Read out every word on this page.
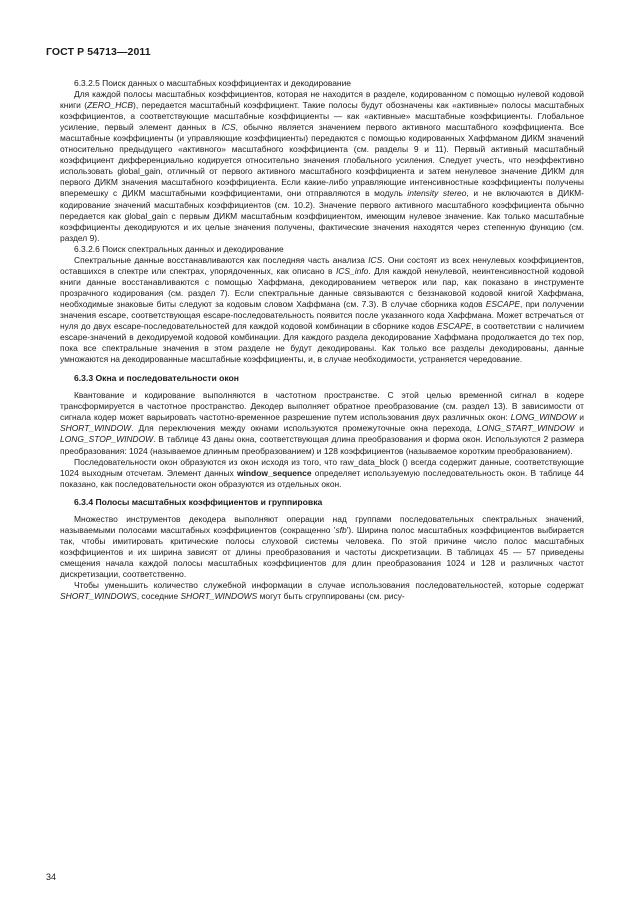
ГОСТ Р 54713—2011

6.3.2.5 Поиск данных о масштабных коэффициентах и декодирование

Для каждой полосы масштабных коэффициентов, которая не находится в разделе, кодированном с помощью нулевой кодовой книги (ZERO_HCB), передается масштабный коэффициент. Такие полосы будут обозначены как «активные» полосы масштабных коэффициентов, а соответствующие масштабные коэффициенты — как «активные» масштабные коэффициенты. Глобальное усиление, первый элемент данных в ICS, обычно является значением первого активного масштабного коэффициента. Все масштабные коэффициенты (и управляющие коэффициенты) передаются с помощью кодированных Хаффманом ДИКМ значений относительно предыдущего «активного» масштабного коэффициента (см. разделы 9 и 11). Первый активный масштабный коэффициент дифференциально кодируется относительно значения глобального усиления. Следует учесть, что неэффективно использовать global_gain, отличный от первого активного масштабного коэффициента и затем ненулевое значение ДИКМ для первого ДИКМ значения масштабного коэффициента. Если какие-либо управляющие интенсивностные коэффициенты получены вперемешку с ДИКМ масштабными коэффициентами, они отправляются в модуль intensity stereo, и не включаются в ДИКМ-кодирование значений масштабных коэффициентов (см. 10.2). Значение первого активного масштабного коэффициента обычно передается как global_gain с первым ДИКМ масштабным коэффициентом, имеющим нулевое значение. Как только масштабные коэффициенты декодируются и их целые значения получены, фактические значения находятся через степенную функцию (см. раздел 9).

6.3.2.6 Поиск спектральных данных и декодирование

Спектральные данные восстанавливаются как последняя часть анализа ICS. Они состоят из всех ненулевых коэффициентов, оставшихся в спектре или спектрах, упорядоченных, как описано в ICS_info. Для каждой ненулевой, неинтенсивностной кодовой книги данные восстанавливаются с помощью Хаффмана, декодированием четверок или пар, как показано в инструменте прозрачного кодирования (см. раздел 7). Если спектральные данные связываются с беззнаковой кодовой книгой Хаффмана, необходимые знаковые биты следуют за кодовым словом Хаффмана (см. 7.3). В случае сборника кодов ESCAPE, при получении значения escape, соответствующая escape-последовательность появится после указанного кода Хаффмана. Может встречаться от нуля до двух escape-последовательностей для каждой кодовой комбинации в сборнике кодов ESCAPE, в соответствии с наличием escape-значений в декодируемой кодовой комбинации. Для каждого раздела декодирование Хаффмана продолжается до тех пор, пока все спектральные значения в этом разделе не будут декодированы. Как только все разделы декодированы, данные умножаются на декодированные масштабные коэффициенты, и, в случае необходимости, устраняется чередование.

6.3.3 Окна и последовательности окон

Квантование и кодирование выполняются в частотном пространстве. С этой целью временной сигнал в кодере трансформируется в частотное пространство. Декодер выполняет обратное преобразование (см. раздел 13). В зависимости от сигнала кодер может варьировать частотно-временное разрешение путем использования двух различных окон: LONG_WINDOW и SHORT_WINDOW. Для переключения между окнами используются промежуточные окна перехода, LONG_START_WINDOW и LONG_STOP_WINDOW. В таблице 43 даны окна, соответствующая длина преобразования и форма окон. Используются 2 размера преобразования: 1024 (называемое длинным преобразованием) и 128 коэффициентов (называемое коротким преобразованием).

Последовательности окон образуются из окон исходя из того, что raw_data_block () всегда содержит данные, соответствующие 1024 выходным отсчетам. Элемент данных window_sequence определяет используемую последовательность окон. В таблице 44 показано, как последовательности окон образуются из отдельных окон.

6.3.4 Полосы масштабных коэффициентов и группировка

Множество инструментов декодера выполняют операции над группами последовательных спектральных значений, называемыми полосами масштабных коэффициентов (сокращенно 'sfb'). Ширина полос масштабных коэффициентов выбирается так, чтобы имитировать критические полосы слуховой системы человека. По этой причине число полос масштабных коэффициентов и их ширина зависят от длины преобразования и частоты дискретизации. В таблицах 45 — 57 приведены смещения начала каждой полосы масштабных коэффициентов для длин преобразования 1024 и 128 и различных частот дискретизации, соответственно.

Чтобы уменьшить количество служебной информации в случае использования последовательностей, которые содержат SHORT_WINDOWS, соседние SHORT_WINDOWS могут быть сгруппированы (см. рису-

34
